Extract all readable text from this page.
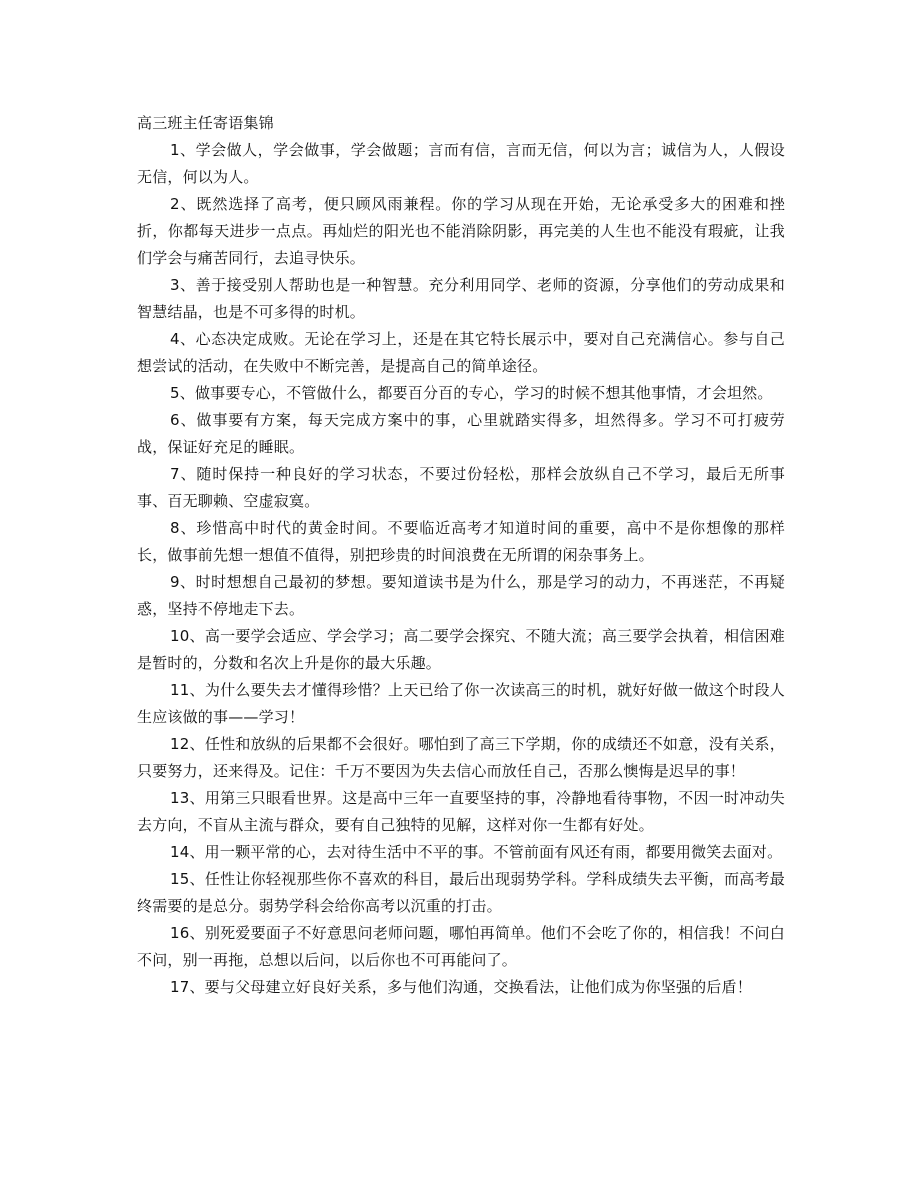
高三班主任寄语集锦

1、学会做人，学会做事，学会做题；言而有信，言而无信，何以为言；诚信为人，人假设无信，何以为人。

2、既然选择了高考，便只顾风雨兼程。你的学习从现在开始，无论承受多大的困难和挫折，你都每天进步一点点。再灿烂的阳光也不能消除阴影，再完美的人生也不能没有瑕疵，让我们学会与痛苦同行，去追寻快乐。

3、善于接受别人帮助也是一种智慧。充分利用同学、老师的资源，分享他们的劳动成果和智慧结晶，也是不可多得的时机。

4、心态决定成败。无论在学习上，还是在其它特长展示中，要对自己充满信心。参与自己想尝试的活动，在失败中不断完善，是提高自己的简单途径。

5、做事要专心，不管做什么，都要百分百的专心，学习的时候不想其他事情，才会坦然。

6、做事要有方案，每天完成方案中的事，心里就踏实得多，坦然得多。学习不可打疲劳战，保证好充足的睡眠。

7、随时保持一种良好的学习状态，不要过份轻松，那样会放纵自己不学习，最后无所事事、百无聊赖、空虚寂寞。

8、珍惜高中时代的黄金时间。不要临近高考才知道时间的重要，高中不是你想像的那样长，做事前先想一想值不值得，别把珍贵的时间浪费在无所谓的闲杂事务上。

9、时时想想自己最初的梦想。要知道读书是为什么，那是学习的动力，不再迷茫，不再疑惑，坚持不停地走下去。

10、高一要学会适应、学会学习；高二要学会探究、不随大流；高三要学会执着，相信困难是暂时的，分数和名次上升是你的最大乐趣。

11、为什么要失去才懂得珍惜？上天已给了你一次读高三的时机，就好好做一做这个时段人生应该做的事——学习！

12、任性和放纵的后果都不会很好。哪怕到了高三下学期，你的成绩还不如意，没有关系，只要努力，还来得及。记住：千万不要因为失去信心而放任自己，否那么懊悔是迟早的事！

13、用第三只眼看世界。这是高中三年一直要坚持的事，冷静地看待事物，不因一时冲动失去方向，不盲从主流与群众，要有自己独特的见解，这样对你一生都有好处。

14、用一颗平常的心，去对待生活中不平的事。不管前面有风还有雨，都要用微笑去面对。

15、任性让你轻视那些你不喜欢的科目，最后出现弱势学科。学科成绩失去平衡，而高考最终需要的是总分。弱势学科会给你高考以沉重的打击。

16、别死爱要面子不好意思问老师问题，哪怕再简单。他们不会吃了你的，相信我！不问白不问，别一再拖，总想以后问，以后你也不可再能问了。

17、要与父母建立好良好关系，多与他们沟通，交换看法，让他们成为你坚强的后盾！
